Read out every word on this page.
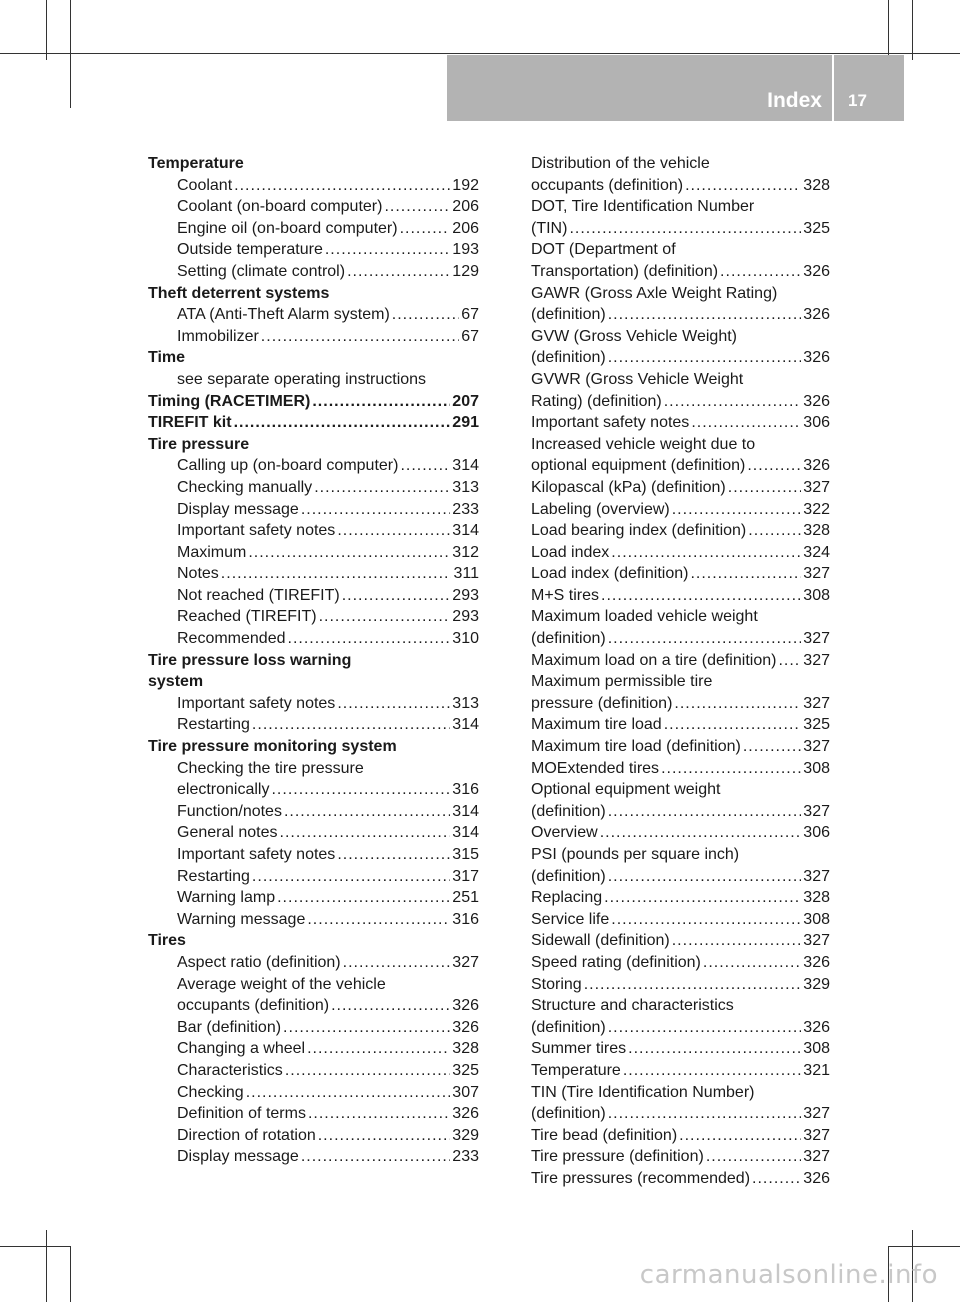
Index 17
Temperature
Coolant .....	192
Coolant (on-board computer) .....	206
Engine oil (on-board computer) .....	206
Outside temperature .....	193
Setting (climate control) .....	129
Theft deterrent systems
ATA (Anti-Theft Alarm system) .....	67
Immobilizer .....	67
Time
see separate operating instructions
Timing (RACETIMER) .....	207
TIREFIT kit .....	291
Tire pressure
Calling up (on-board computer) .....	314
Checking manually .....	313
Display message .....	233
Important safety notes .....	314
Maximum .....	312
Notes .....	311
Not reached (TIREFIT) .....	293
Reached (TIREFIT) .....	293
Recommended .....	310
Tire pressure loss warning
system
Important safety notes .....	313
Restarting .....	314
Tire pressure monitoring system
Checking the tire pressure
electronically .....	316
Function/notes .....	314
General notes .....	314
Important safety notes .....	315
Restarting .....	317
Warning lamp .....	251
Warning message .....	316
Tires
Aspect ratio (definition) .....	327
Average weight of the vehicle
occupants (definition) .....	326
Bar (definition) .....	326
Changing a wheel .....	328
Characteristics .....	325
Checking .....	307
Definition of terms .....	326
Direction of rotation .....	329
Display message .....	233
Distribution of the vehicle
occupants (definition) .....	328
DOT, Tire Identification Number
(TIN) .....	325
DOT (Department of
Transportation) (definition) .....	326
GAWR (Gross Axle Weight Rating)
(definition) .....	326
GVW (Gross Vehicle Weight)
(definition) .....	326
GVWR (Gross Vehicle Weight
Rating) (definition) .....	326
Important safety notes .....	306
Increased vehicle weight due to
optional equipment (definition) .....	326
Kilopascal (kPa) (definition) .....	327
Labeling (overview) .....	322
Load bearing index (definition) .....	328
Load index .....	324
Load index (definition) .....	327
M+S tires .....	308
Maximum loaded vehicle weight
(definition) .....	327
Maximum load on a tire (definition) ..... 327
Maximum permissible tire
pressure (definition) .....	327
Maximum tire load .....	325
Maximum tire load (definition) .....	327
MOExtended tires .....	308
Optional equipment weight
(definition) .....	327
Overview .....	306
PSI (pounds per square inch)
(definition) .....	327
Replacing .....	328
Service life .....	308
Sidewall (definition) .....	327
Speed rating (definition) .....	326
Storing .....	329
Structure and characteristics
(definition) .....	326
Summer tires .....	308
Temperature .....	321
TIN (Tire Identification Number)
(definition) .....	327
Tire bead (definition) .....	327
Tire pressure (definition) .....	327
Tire pressures (recommended) .....	326
carmanualsonline.info
